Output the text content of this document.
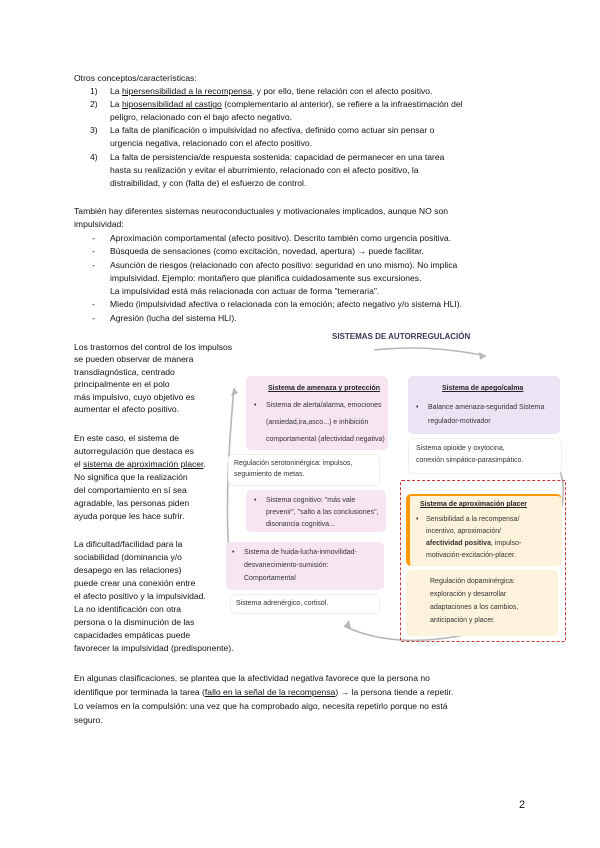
Otros conceptos/características:
1) La hipersensibilidad a la recompensa, y por ello, tiene relación con el afecto positivo.
2) La hiposensibilidad al castigo (complementario al anterior), se refiere a la infraestimación del
peligro, relacionado con el bajo afecto negativo.
3) La falta de planificación o impulsividad no afectiva, definido como actuar sin pensar o
urgencia negativa, relacionado con el afecto positivo.
4) La falta de persistencia/de respuesta sostenida: capacidad de permanecer en una tarea
hasta su realización y evitar el aburrimiento, relacionado con el afecto positivo, la
distraibilidad, y con (falta de) el esfuerzo de control.
También hay diferentes sistemas neuroconductuales y motivacionales implicados, aunque NO son
impulsividad:
- Aproximación comportamental (afecto positivo). Descrito también como urgencia positiva.
- Búsqueda de sensaciones (como excitación, novedad, apertura) → puede facilitar.
- Asunción de riesgos (relacionado con afecto positivo: seguridad en uno mismo). No implica
impulsividad. Ejemplo: montañero que planifica cuidadosamente sus excursiones.
La impulsividad está más relacionada con actuar de forma "temeraria".
- Miedo (impulsividad afectiva o relacionada con la emoción; afecto negativo y/o sistema HLI).
- Agresión (lucha del sistema HLI).
Los trastornos del control de los impulsos
se pueden observar de manera
transdiagnóstica, centrado
principalmente en el polo
más impulsivo, cuyo objetivo es
aumentar el afecto positivo.
En este caso, el sistema de
autorregulación que destaca es
el sistema de aproximación placer.
No significa que la realización
del comportamiento en sí sea
agradable, las personas piden
ayuda porque les hace sufrir.
La dificultad/facilidad para la
sociabilidad (dominancia y/o
desapego en las relaciones)
puede crear una conexión entre
el afecto positivo y la impulsividad.
La no identificación con otra
persona o la disminución de las
capacidades empáticas puede
favorecer la impulsividad (predisponente).
SISTEMAS DE AUTORREGULACIÓN
Sistema de amenaza y protección
• Sistema de alerta/alarma, emociones
(ansiedad,ira,asco...) e inhibición
comportamental (afectividad negativa)
Regulación serotoninérgica: impulsos,
seguimiento de metas.
• Sistema cognitivo: "más vale
prevenir", "salto a las conclusiones",
disonancia cognitiva...
• Sistema de huida-lucha-inmovilidad-
desvanecimiento-sumisión:
Comportamental
Sistema adrenérgico, cortisol.
Sistema de apego/calma
• Balance amenaza-seguridad Sistema
regulador-motivador
Sistema opioide y oxytocina,
conexión simpático-parasimpático.
Sistema de aproximación placer
• Sensibilidad a la recompensa/
incentivo, aproximación/
afectividad positiva, impulso-
motivación-excitación-placer.
Regulación dopaminérgica:
exploración y desarrollar
adaptaciones a los cambios,
anticipación y placer.
En algunas clasificaciones, se plantea que la afectividad negativa favorece que la persona no
identifique por terminada la tarea (fallo en la señal de la recompensa) → la persona tiende a repetir.
Lo veíamos en la compulsión: una vez que ha comprobado algo, necesita repetirlo porque no está
seguro.
2
